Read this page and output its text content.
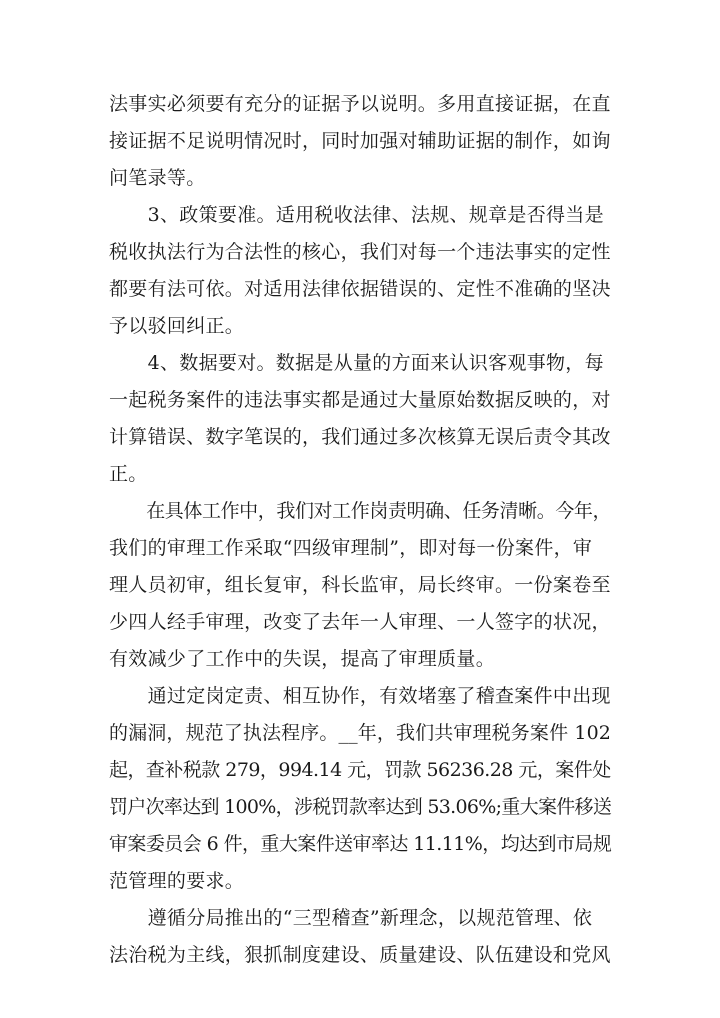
法事实必须要有充分的证据予以说明。多用直接证据，在直
接证据不足说明情况时，同时加强对辅助证据的制作，如询
问笔录等。
　　3、政策要准。适用税收法律、法规、规章是否得当是
税收执法行为合法性的核心，我们对每一个违法事实的定性
都要有法可依。对适用法律依据错误的、定性不准确的坚决
予以驳回纠正。
　　4、数据要对。数据是从量的方面来认识客观事物，每
一起税务案件的违法事实都是通过大量原始数据反映的，对
计算错误、数字笔误的，我们通过多次核算无误后责令其改
正。
　　在具体工作中，我们对工作岗责明确、任务清晰。今年，
我们的审理工作采取“四级审理制”，即对每一份案件，审
理人员初审，组长复审，科长监审，局长终审。一份案卷至
少四人经手审理，改变了去年一人审理、一人签字的状况，
有效减少了工作中的失误，提高了审理质量。
　　通过定岗定责、相互协作，有效堵塞了稽查案件中出现
的漏洞，规范了执法程序。__年，我们共审理税务案件 102
起，查补税款 279，994.14 元，罚款 56236.28 元，案件处
罚户次率达到 100%，涉税罚款率达到 53.06%;重大案件移送
审案委员会 6 件，重大案件送审率达 11.11%，均达到市局规
范管理的要求。
　　遵循分局推出的“三型稽查”新理念，以规范管理、依
法治税为主线，狠抓制度建设、质量建设、队伍建设和党风
